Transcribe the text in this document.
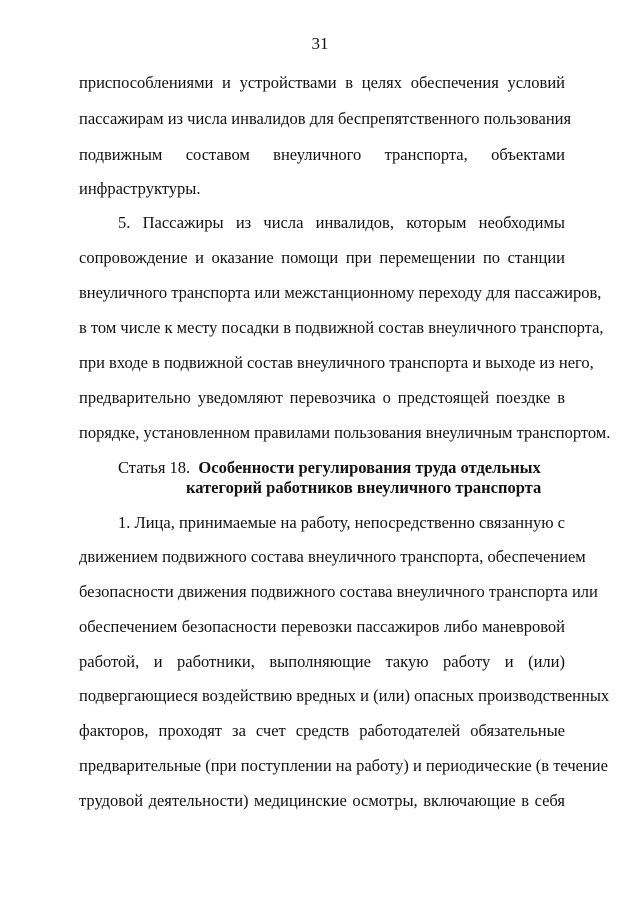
31
приспособлениями и устройствами в целях обеспечения условий
пассажирам из числа инвалидов для беспрепятственного пользования
подвижным составом внеуличного транспорта, объектами
инфраструктуры.
5. Пассажиры из числа инвалидов, которым необходимы
сопровождение и оказание помощи при перемещении по станции
внеуличного транспорта или межстанционному переходу для пассажиров,
в том числе к месту посадки в подвижной состав внеуличного транспорта,
при входе в подвижной состав внеуличного транспорта и выходе из него,
предварительно уведомляют перевозчика о предстоящей поездке в
порядке, установленном правилами пользования внеуличным транспортом.
Статья 18. Особенности регулирования труда отдельных
категорий работников внеуличного транспорта
1. Лица, принимаемые на работу, непосредственно связанную с
движением подвижного состава внеуличного транспорта, обеспечением
безопасности движения подвижного состава внеуличного транспорта или
обеспечением безопасности перевозки пассажиров либо маневровой
работой, и работники, выполняющие такую работу и (или)
подвергающиеся воздействию вредных и (или) опасных производственных
факторов, проходят за счет средств работодателей обязательные
предварительные (при поступлении на работу) и периодические (в течение
трудовой деятельности) медицинские осмотры, включающие в себя
